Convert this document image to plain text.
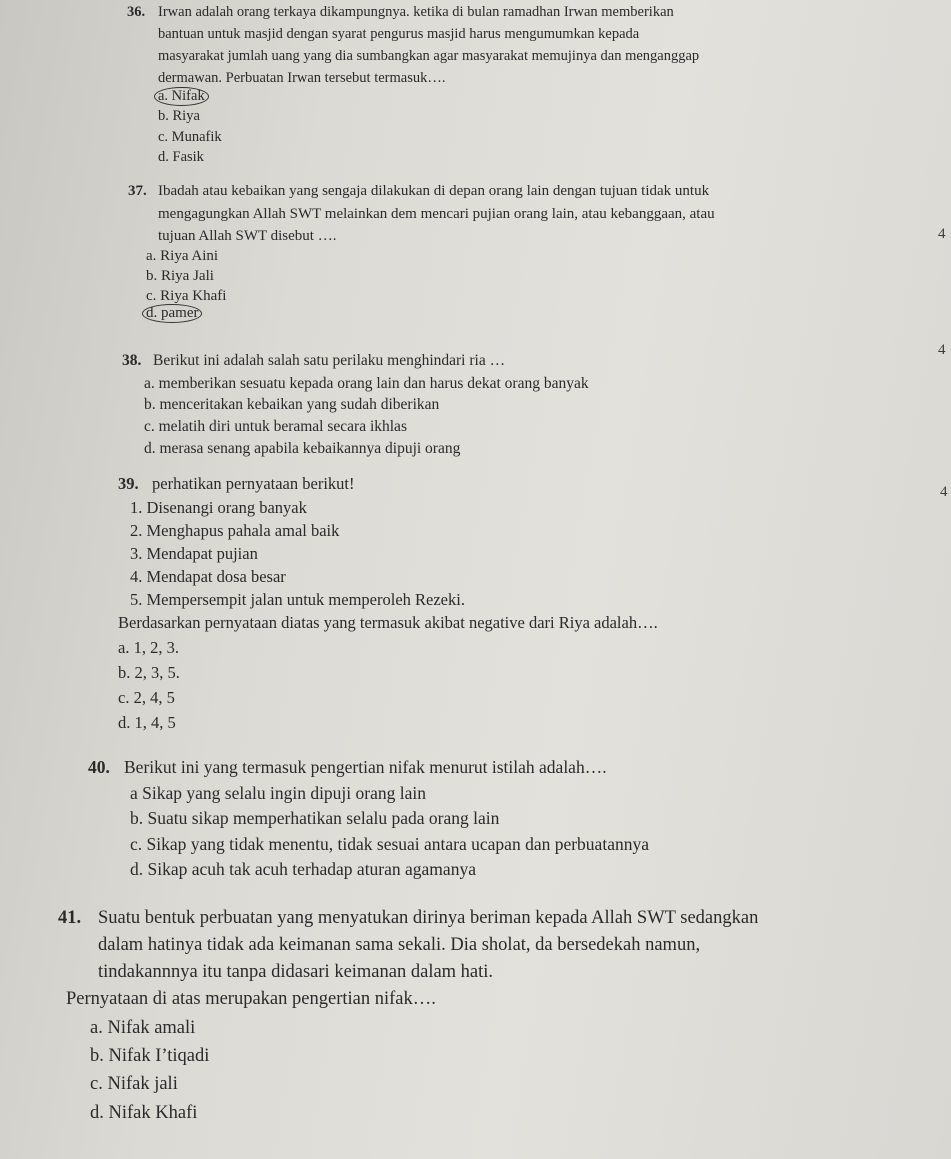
36. Irwan adalah orang terkaya dikampungnya. ketika di bulan ramadhan Irwan memberikan
bantuan untuk masjid dengan syarat pengurus masjid harus mengumumkan kepada
masyarakat jumlah uang yang dia sumbangkan agar masyarakat memujinya dan menganggap
dermawan. Perbuatan Irwan tersebut termasuk….
a. Nifak
b. Riya
c. Munafik
d. Fasik
37. Ibadah atau kebaikan yang sengaja dilakukan di depan orang lain dengan tujuan tidak untuk
mengagungkan Allah SWT melainkan dem mencari pujian orang lain, atau kebanggaan, atau
tujuan Allah SWT disebut ….
a. Riya Aini
b. Riya Jali
c. Riya Khafi
d. pamer
38. Berikut ini adalah salah satu perilaku menghindari ria …
a. memberikan sesuatu kepada orang lain dan harus dekat orang banyak
b. menceritakan kebaikan yang sudah diberikan
c. melatih diri untuk beramal secara ikhlas
d. merasa senang apabila kebaikannya dipuji orang
39. perhatikan pernyataan berikut!
1. Disenangi orang banyak
2. Menghapus pahala amal baik
3. Mendapat pujian
4. Mendapat dosa besar
5. Mempersempit jalan untuk memperoleh Rezeki.
Berdasarkan pernyataan diatas yang termasuk akibat negative dari Riya adalah….
a. 1, 2, 3.
b. 2, 3, 5.
c. 2, 4, 5
d. 1, 4, 5
40. Berikut ini yang termasuk pengertian nifak menurut istilah adalah….
a Sikap yang selalu ingin dipuji orang lain
b. Suatu sikap memperhatikan selalu pada orang lain
c. Sikap yang tidak menentu, tidak sesuai antara ucapan dan perbuatannya
d. Sikap acuh tak acuh terhadap aturan agamanya
41. Suatu bentuk perbuatan yang menyatukan dirinya beriman kepada Allah SWT sedangkan
dalam hatinya tidak ada keimanan sama sekali. Dia sholat, da bersedekah namun,
tindakannnya itu tanpa didasari keimanan dalam hati.
Pernyataan di atas merupakan pengertian nifak….
a. Nifak amali
b. Nifak I’tiqadi
c. Nifak jali
d. Nifak Khafi
4
4
4
